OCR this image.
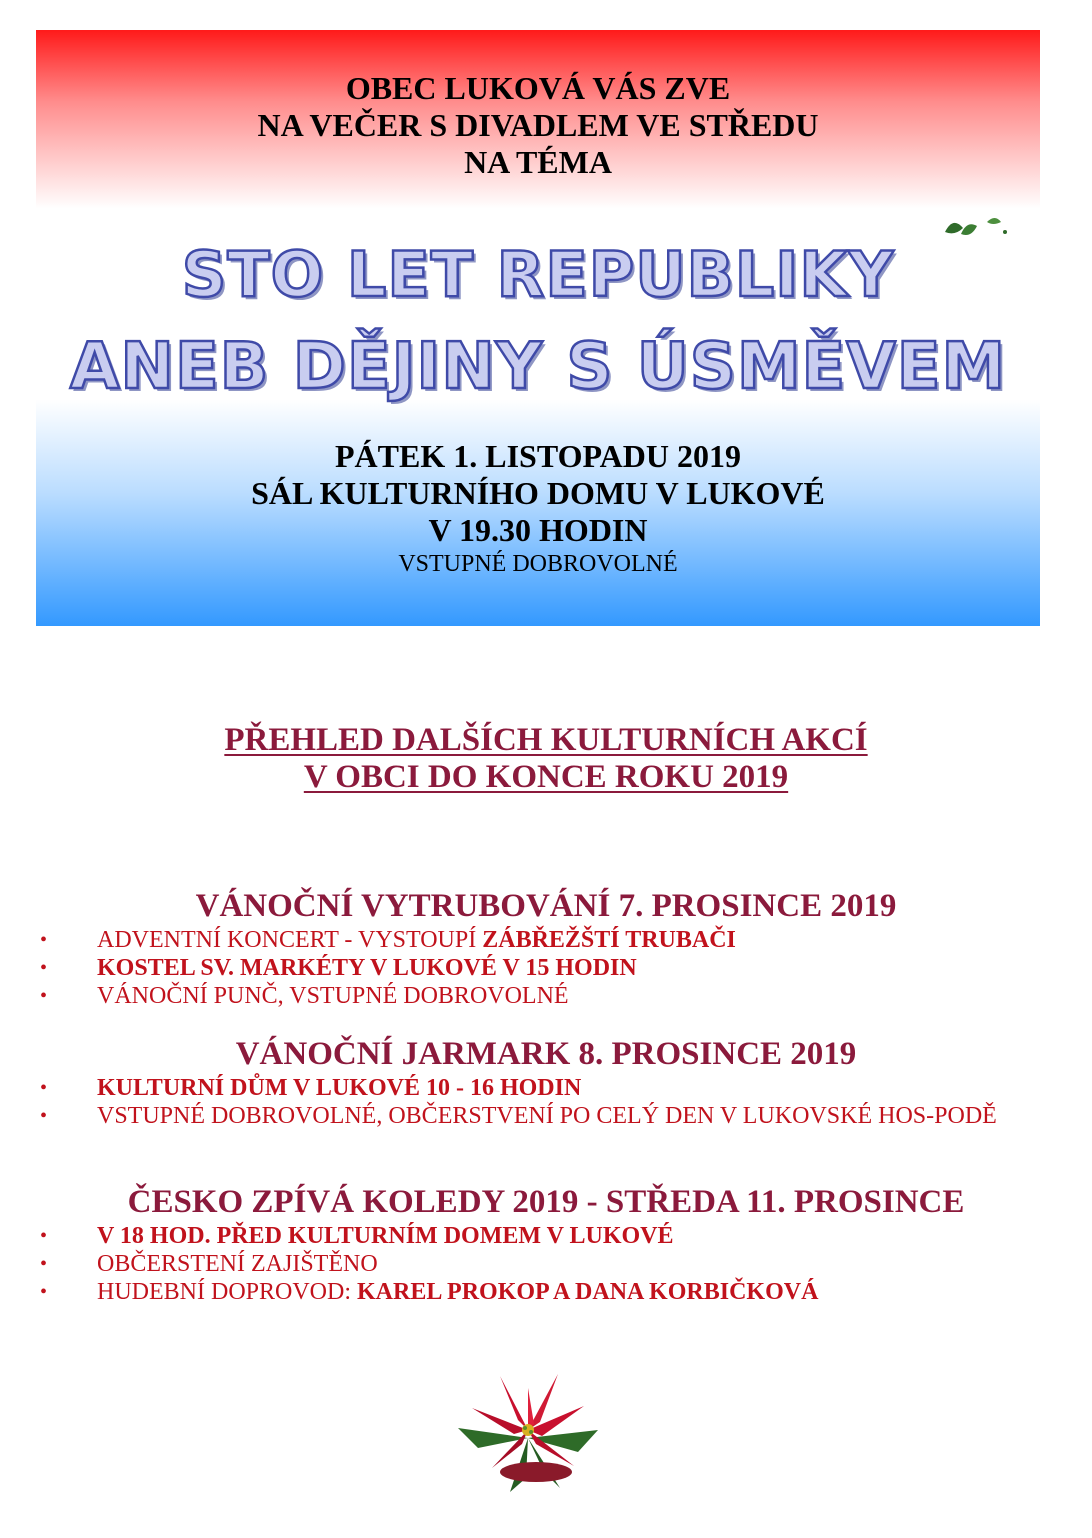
OBEC LUKOVÁ VÁS ZVE
NA VEČER S DIVADLEM VE STŘEDU
NA TÉMA
STO LET REPUBLIKY
ANEB DĚJINY S ÚSMĚVEM
PÁTEK 1. LISTOPADU 2019
SÁL KULTURNÍHO DOMU V LUKOVÉ
V 19.30 HODIN
VSTUPNÉ DOBROVOLNÉ
PŘEHLED DALŠÍCH KULTURNÍCH AKCÍ
V OBCI DO KONCE ROKU 2019
VÁNOČNÍ VYTRUBOVÁNÍ 7. PROSINCE 2019
• ADVENTNÍ KONCERT - VYSTOUPÍ ZÁBŘEŽŠTÍ TRUBAČI
• KOSTEL SV. MARKÉTY V LUKOVÉ V 15 HODIN
• VÁNOČNÍ PUNČ, VSTUPNÉ DOBROVOLNÉ
VÁNOČNÍ JARMARK 8. PROSINCE 2019
• KULTURNÍ DŮM V LUKOVÉ 10 - 16 HODIN
• VSTUPNÉ DOBROVOLNÉ, OBČERSTVENÍ PO CELÝ DEN V LUKOVSKÉ HOS-PODĚ
ČESKO ZPÍVÁ KOLEDY 2019 - STŘEDA 11. PROSINCE
• V 18 HOD. PŘED KULTURNÍM DOMEM V LUKOVÉ
• OBČERSTENÍ ZAJIŠTĚNO
• HUDEBNÍ DOPROVOD: KAREL PROKOP A DANA KORBIČKOVÁ
